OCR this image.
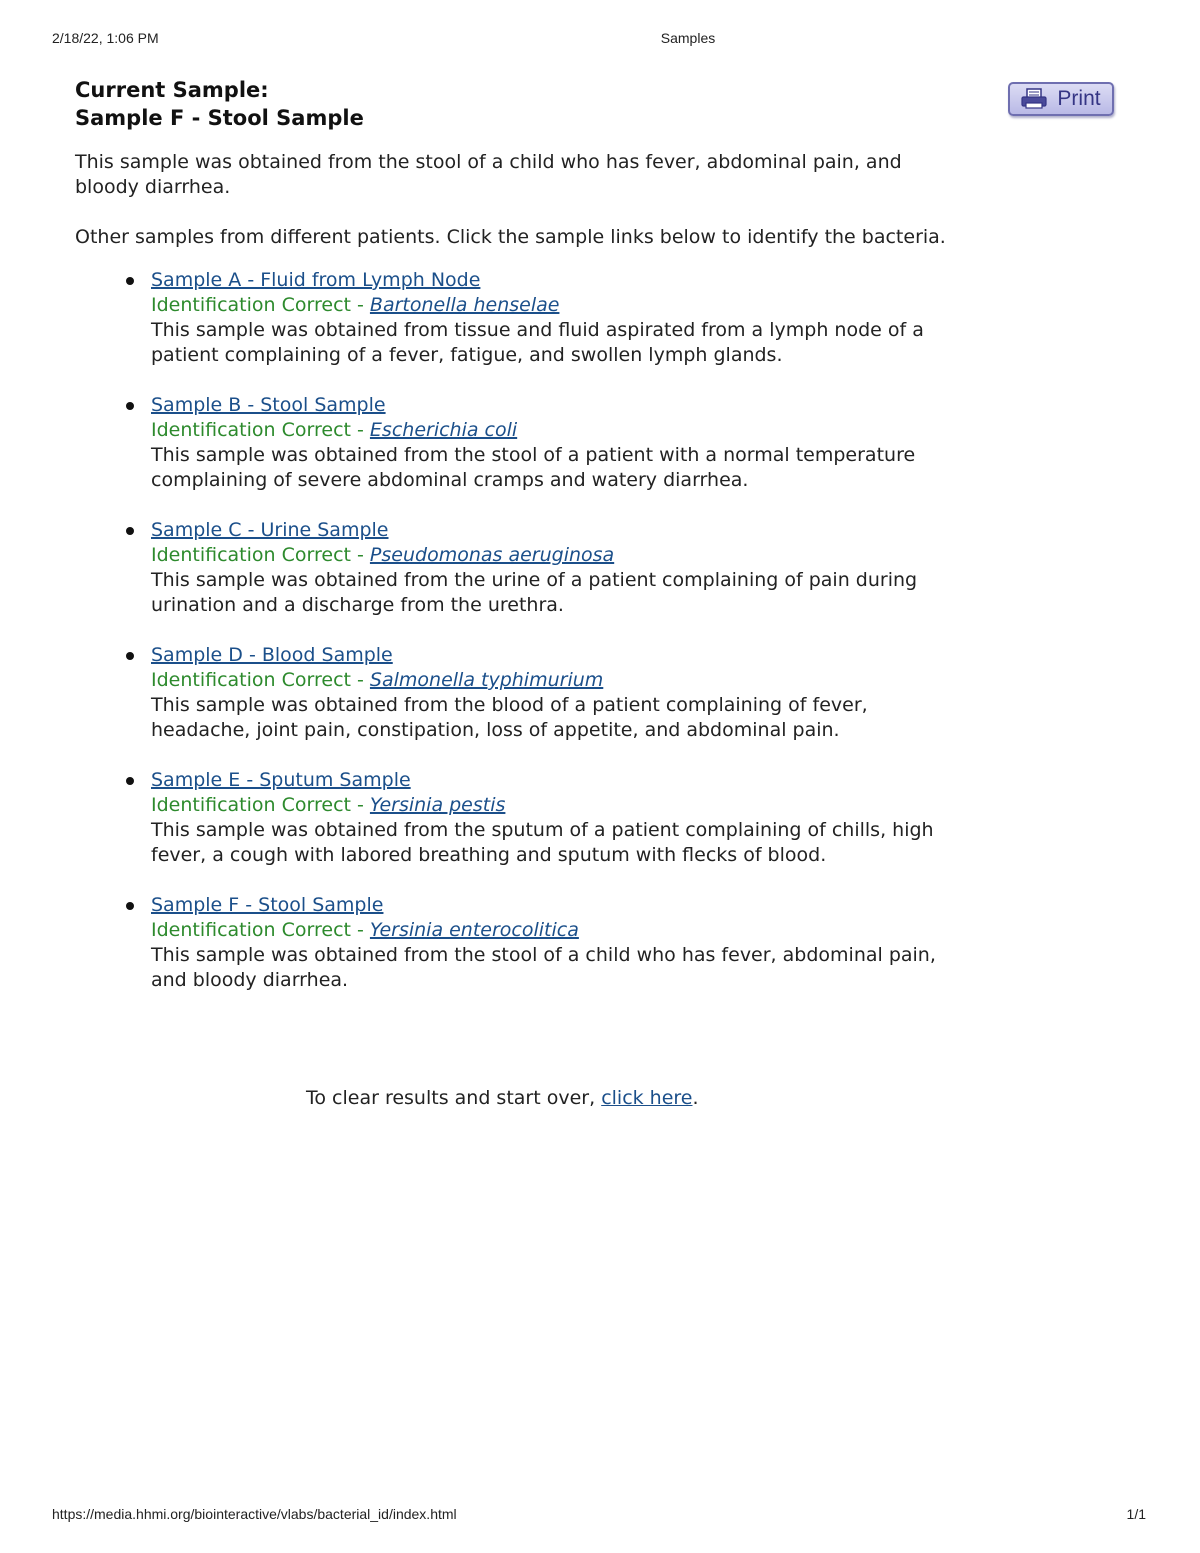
2/18/22, 1:06 PM	Samples
Print
Current Sample:
Sample F - Stool Sample

This sample was obtained from the stool of a child who has fever, abdominal pain, and bloody diarrhea.

Other samples from different patients. Click the sample links below to identify the bacteria.

Sample A - Fluid from Lymph Node
Identification Correct - Bartonella henselae
This sample was obtained from tissue and fluid aspirated from a lymph node of a patient complaining of a fever, fatigue, and swollen lymph glands.
Sample B - Stool Sample
Identification Correct - Escherichia coli
This sample was obtained from the stool of a patient with a normal temperature complaining of severe abdominal cramps and watery diarrhea.
Sample C - Urine Sample
Identification Correct - Pseudomonas aeruginosa
This sample was obtained from the urine of a patient complaining of pain during urination and a discharge from the urethra.
Sample D - Blood Sample
Identification Correct - Salmonella typhimurium
This sample was obtained from the blood of a patient complaining of fever, headache, joint pain, constipation, loss of appetite, and abdominal pain.
Sample E - Sputum Sample
Identification Correct - Yersinia pestis
This sample was obtained from the sputum of a patient complaining of chills, high fever, a cough with labored breathing and sputum with flecks of blood.
Sample F - Stool Sample
Identification Correct - Yersinia enterocolitica
This sample was obtained from the stool of a child who has fever, abdominal pain, and bloody diarrhea.
To clear results and start over, click here.
https://media.hhmi.org/biointeractive/vlabs/bacterial_id/index.html	1/1
